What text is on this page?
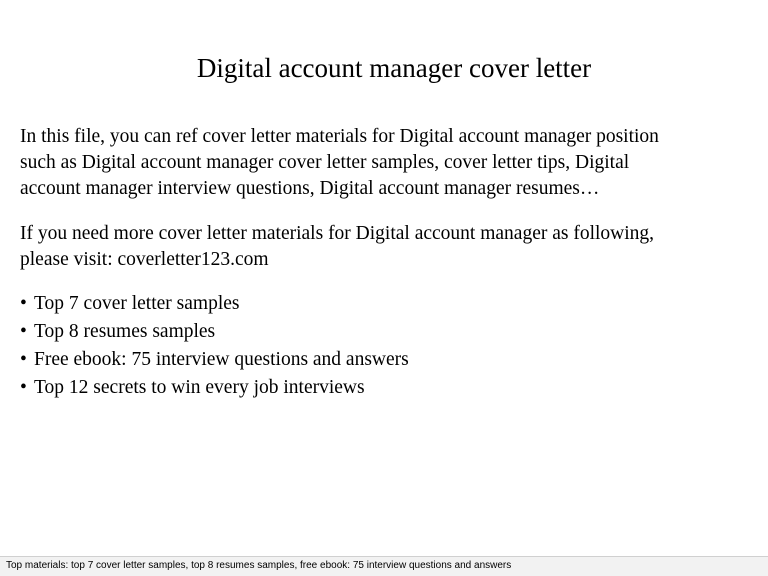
Digital account manager cover letter

In this file, you can ref cover letter materials for Digital account manager position
such as Digital account manager cover letter samples, cover letter tips, Digital
account manager interview questions, Digital account manager resumes…

If you need more cover letter materials for Digital account manager as following,
please visit: coverletter123.com

• Top 7 cover letter samples
• Top 8 resumes samples
• Free ebook: 75 interview questions and answers
• Top 12 secrets to win every job interviews
Top materials: top 7 cover letter samples, top 8 resumes samples, free ebook: 75 interview questions and answers
